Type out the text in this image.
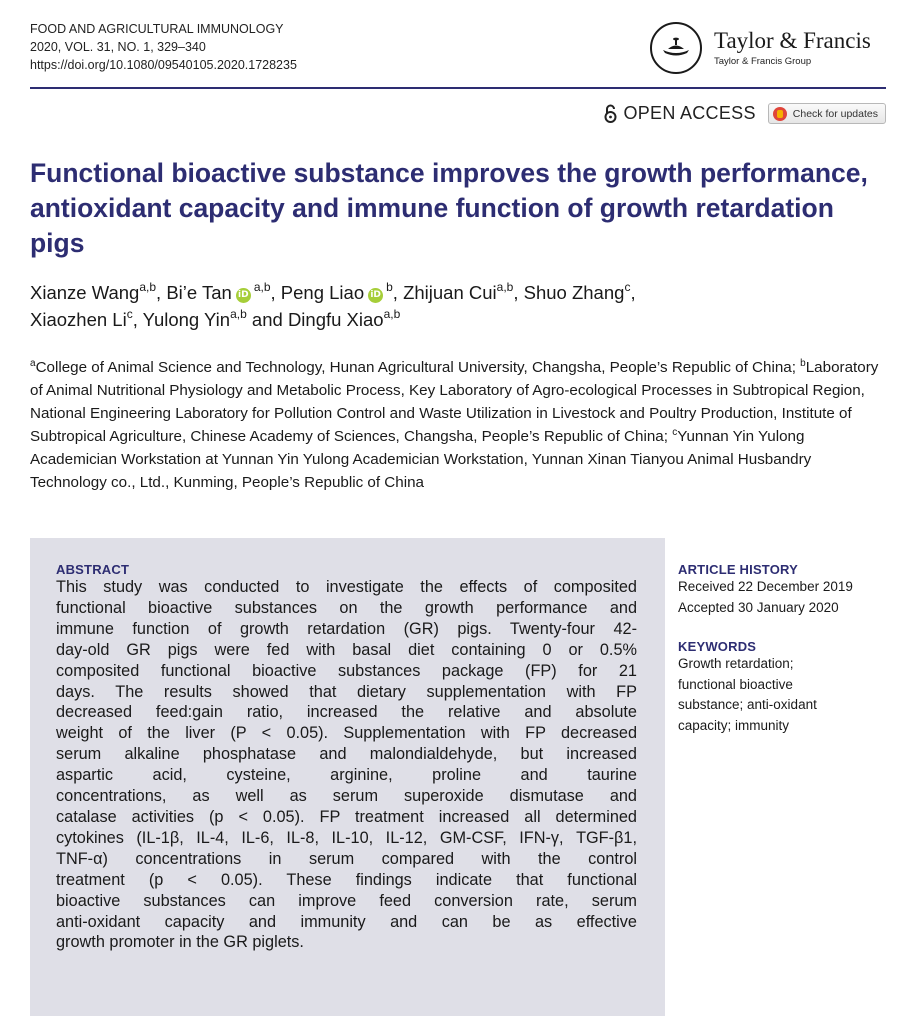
FOOD AND AGRICULTURAL IMMUNOLOGY
2020, VOL. 31, NO. 1, 329–340
https://doi.org/10.1080/09540105.2020.1728235
Taylor & Francis
Taylor & Francis Group
OPEN ACCESS	Check for updates
Functional bioactive substance improves the growth performance, antioxidant capacity and immune function of growth retardation pigs
Xianze Wang$^{a,b}$, Bi’e Tan iD$^{a,b}$, Peng Liao $iD^b$, Zhijuan Cui$^{a,b}$, Shuo Zhang$^c$,
Xiaozhen Li$^c$, Yulong Yin$^{a,b}$ and Dingfu Xiao$^{a,b}$
$^a$College of Animal Science and Technology, Hunan Agricultural University, Changsha, People’s Republic of China; $^b$Laboratory of Animal Nutritional Physiology and Metabolic Process, Key Laboratory of Agro-ecological Processes in Subtropical Region, National Engineering Laboratory for Pollution Control and Waste Utilization in Livestock and Poultry Production, Institute of Subtropical Agriculture, Chinese Academy of Sciences, Changsha, People’s Republic of China; $^c$Yunnan Yin Yulong Academician Workstation at Yunnan Yin Yulong Academician Workstation, Yunnan Xinan Tianyou Animal Husbandry Technology co., Ltd., Kunming, People’s Republic of China
ABSTRACT
This study was conducted to investigate the effects of composited
functional bioactive substances on the growth performance and
immune function of growth retardation (GR) pigs. Twenty-four 42-
day-old GR pigs were fed with basal diet containing 0 or 0.5%
composited functional bioactive substances package (FP) for 21
days. The results showed that dietary supplementation with FP
decreased feed:gain ratio, increased the relative and absolute
weight of the liver (P < 0.05). Supplementation with FP decreased
serum alkaline phosphatase and malondialdehyde, but increased
aspartic acid, cysteine, arginine, proline and taurine
concentrations, as well as serum superoxide dismutase and
catalase activities (p < 0.05). FP treatment increased all determined
cytokines (IL-1β, IL-4, IL-6, IL-8, IL-10, IL-12, GM-CSF, IFN-γ, TGF-β1,
TNF-α) concentrations in serum compared with the control
treatment (p < 0.05). These findings indicate that functional
bioactive substances can improve feed conversion rate, serum
anti-oxidant capacity and immunity and can be as effective
growth promoter in the GR piglets.
ARTICLE HISTORY
Received 22 December 2019
Accepted 30 January 2020
KEYWORDS
Growth retardation;
functional bioactive
substance; anti-oxidant
capacity; immunity
